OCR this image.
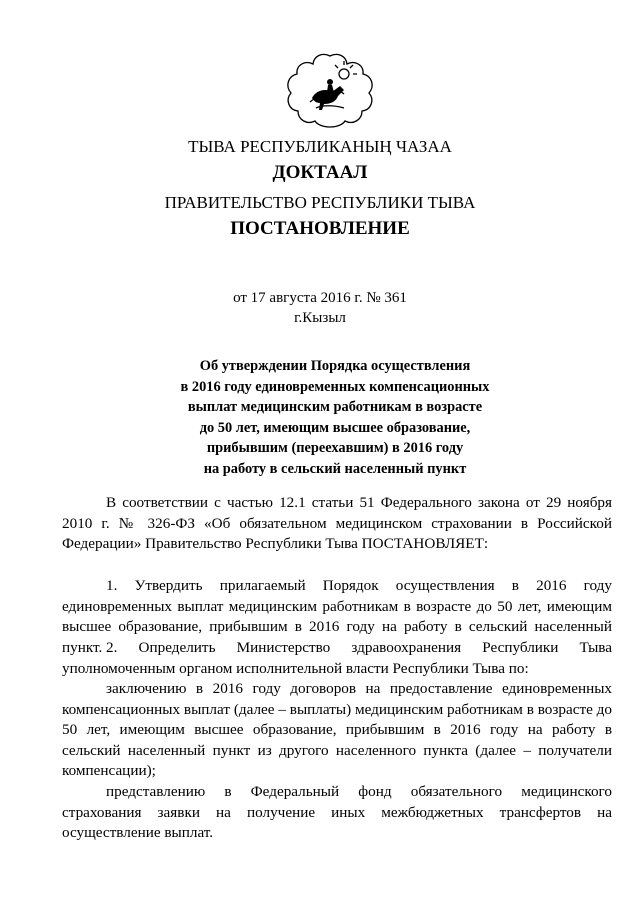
ТЫВА РЕСПУБЛИКАНЫҢ ЧАЗАА
ДОКТААЛ
ПРАВИТЕЛЬСТВО РЕСПУБЛИКИ ТЫВА
ПОСТАНОВЛЕНИЕ
от 17 августа 2016 г. № 361
г.Кызыл
Об утверждении Порядка осуществления
в 2016 году единовременных компенсационных
выплат медицинским работникам в возрасте
до 50 лет, имеющим высшее образование,
прибывшим (переехавшим) в 2016 году
на работу в сельский населенный пункт
В соответствии с частью 12.1 статьи 51 Федерального закона от 29 ноября 2010 г. № 326-ФЗ «Об обязательном медицинском страховании в Российской Федерации» Правительство Республики Тыва ПОСТАНОВЛЯЕТ:
1. Утвердить прилагаемый Порядок осуществления в 2016 году единовременных выплат медицинским работникам в возрасте до 50 лет, имеющим высшее образование, прибывшим в 2016 году на работу в сельский населенный пункт. 2. Определить Министерство здравоохранения Республики Тыва уполномоченным органом исполнительной власти Республики Тыва по:
заключению в 2016 году договоров на предоставление единовременных компенсационных выплат (далее – выплаты) медицинским работникам в возрасте до 50 лет, имеющим высшее образование, прибывшим в 2016 году на работу в сельский населенный пункт из другого населенного пункта (далее – получатели компенсации);
представлению в Федеральный фонд обязательного медицинского страхования заявки на получение иных межбюджетных трансфертов на осуществление выплат.
